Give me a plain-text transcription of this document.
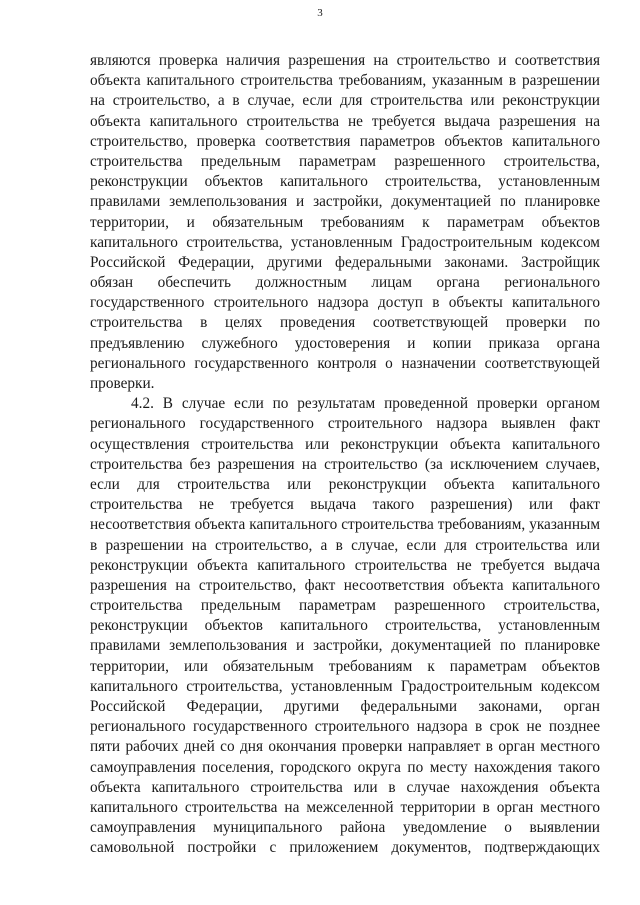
3
являются проверка наличия разрешения на строительство и соответствия
объекта капитального строительства требованиям, указанным в разрешении
на строительство, а в случае, если для строительства или реконструкции
объекта капитального строительства не требуется выдача разрешения на
строительство, проверка соответствия параметров объектов капитального
строительства предельным параметрам разрешенного строительства,
реконструкции объектов капитального строительства, установленным
правилами землепользования и застройки, документацией по планировке
территории, и обязательным требованиям к параметрам объектов
капитального строительства, установленным Градостроительным кодексом
Российской Федерации, другими федеральными законами. Застройщик
обязан обеспечить должностным лицам органа регионального
государственного строительного надзора доступ в объекты капитального
строительства в целях проведения соответствующей проверки по
предъявлению служебного удостоверения и копии приказа органа
регионального государственного контроля о назначении соответствующей
проверки.
4.2. В случае если по результатам проведенной проверки органом
регионального государственного строительного надзора выявлен факт
осуществления строительства или реконструкции объекта капитального
строительства без разрешения на строительство (за исключением случаев,
если для строительства или реконструкции объекта капитального
строительства не требуется выдача такого разрешения) или факт
несоответствия объекта капитального строительства требованиям, указанным
в разрешении на строительство, а в случае, если для строительства или
реконструкции объекта капитального строительства не требуется выдача
разрешения на строительство, факт несоответствия объекта капитального
строительства предельным параметрам разрешенного строительства,
реконструкции объектов капитального строительства, установленным
правилами землепользования и застройки, документацией по планировке
территории, или обязательным требованиям к параметрам объектов
капитального строительства, установленным Градостроительным кодексом
Российской Федерации, другими федеральными законами, орган
регионального государственного строительного надзора в срок не позднее
пяти рабочих дней со дня окончания проверки направляет в орган местного
самоуправления поселения, городского округа по месту нахождения такого
объекта капитального строительства или в случае нахождения объекта
капитального строительства на межселенной территории в орган местного
самоуправления муниципального района уведомление о выявлении
самовольной постройки с приложением документов, подтверждающих
